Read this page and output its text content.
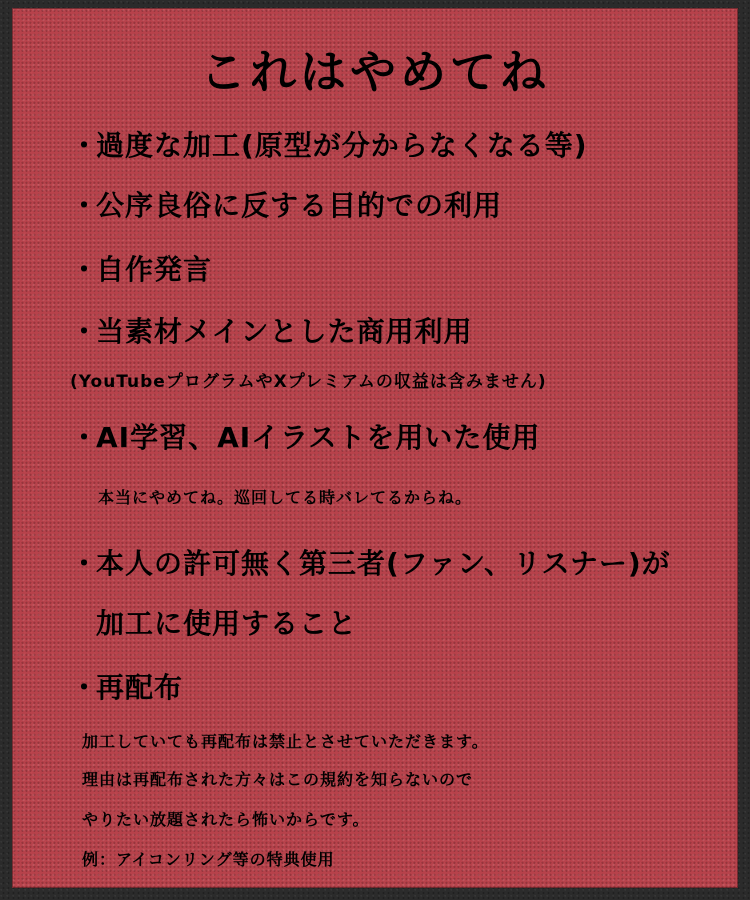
これはやめてね
・過度な加工(原型が分からなくなる等)
・公序良俗に反する目的での利用
・自作発言
・当素材メインとした商用利用
(YouTubeプログラムやXプレミアムの収益は含みません)
・AI学習、AIイラストを用いた使用
本当にやめてね。巡回してる時バレてるからね。
・本人の許可無く第三者(ファン、リスナー)が
加工に使用すること
・再配布
加工していても再配布は禁止とさせていただきます。
理由は再配布された方々はこの規約を知らないので
やりたい放題されたら怖いからです。
例：アイコンリング等の特典使用
